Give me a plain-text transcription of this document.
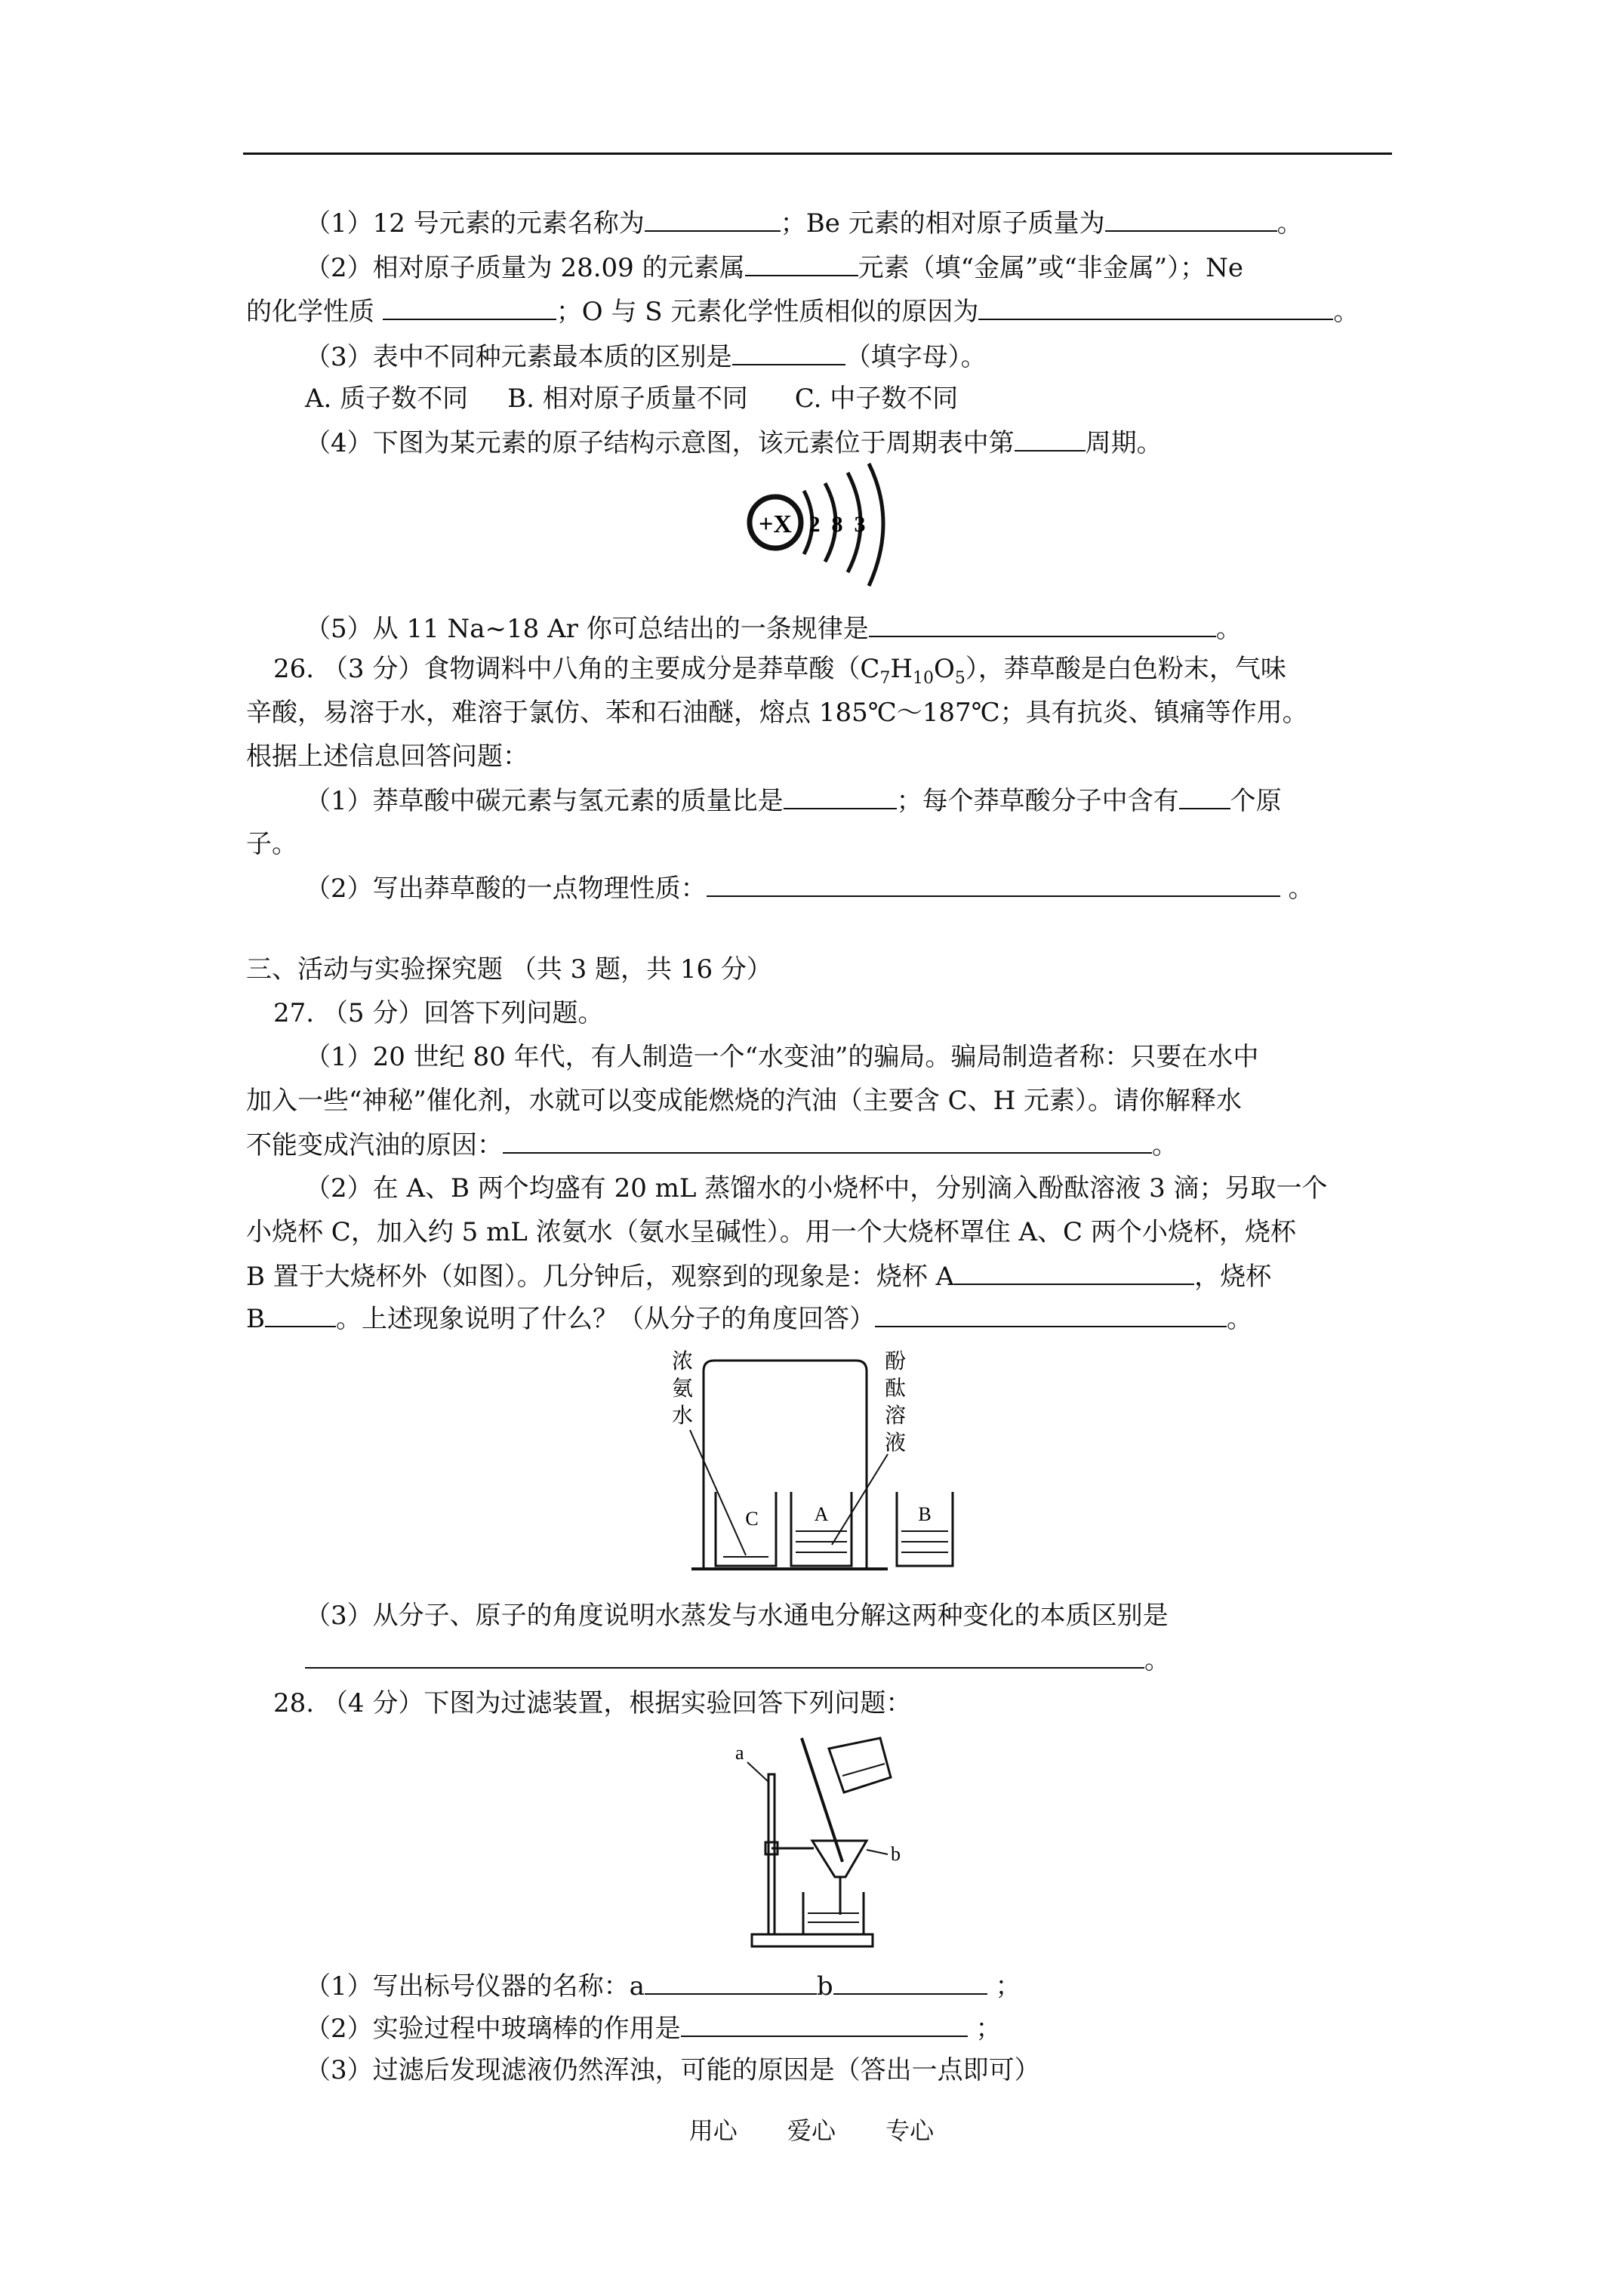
（1）12 号元素的元素名称为	；Be 元素的相对原子质量为	。
（2）相对原子质量为 28.09 的元素属	元素（填“金属”或“非金属”）；Ne
的化学性质	；O 与 S 元素化学性质相似的原因为	。
（3）表中不同种元素最本质的区别是	（填字母）。
A. 质子数不同 B. 相对原子质量不同 C. 中子数不同
（4）下图为某元素的原子结构示意图，该元素位于周期表中第	周期。
+X 2 8 3
（5）从 11 Na~18 Ar 你可总结出的一条规律是	。
26. （3 分）食物调料中八角的主要成分是莽草酸$(C_7H_{10}O_5)$，莽草酸是白色粉末，气味
辛酸，易溶于水，难溶于氯仿、苯和石油醚，熔点 185℃～187℃；具有抗炎、镇痛等作用。
根据上述信息回答问题：
（1）莽草酸中碳元素与氢元素的质量比是	；每个莽草酸分子中含有 个原
子。
（2）写出莽草酸的一点物理性质：	。
三、活动与实验探究题 （共 3 题，共 16 分）
27. （5 分）回答下列问题。
（1）20 世纪 80 年代，有人制造一个“水变油”的骗局。骗局制造者称：只要在水中
加入一些“神秘”催化剂，水就可以变成能燃烧的汽油（主要含 C、H 元素）。请你解释水
不能变成汽油的原因：	。
（2）在 A、B 两个均盛有 20 mL 蒸馏水的小烧杯中，分别滴入酚酞溶液 3 滴；另取一个
小烧杯 C，加入约 5 mL 浓氨水（氨水呈碱性）。用一个大烧杯罩住 A、C 两个小烧杯，烧杯
B 置于大烧杯外（如图）。几分钟后，观察到的现象是：烧杯 A	，烧杯
B	。上述现象说明了什么？（从分子的角度回答）	。
浓
氨
水
酚
酞
溶
液
C	A	B
（3）从分子、原子的角度说明水蒸发与水通电分解这两种变化的本质区别是
。
28. （4 分）下图为过滤装置，根据实验回答下列问题：
a
b
（1）写出标号仪器的名称：a	b	；
（2）实验过程中玻璃棒的作用是	；
（3）过滤后发现滤液仍然浑浊，可能的原因是（答出一点即可）
用心 爱心 专心
